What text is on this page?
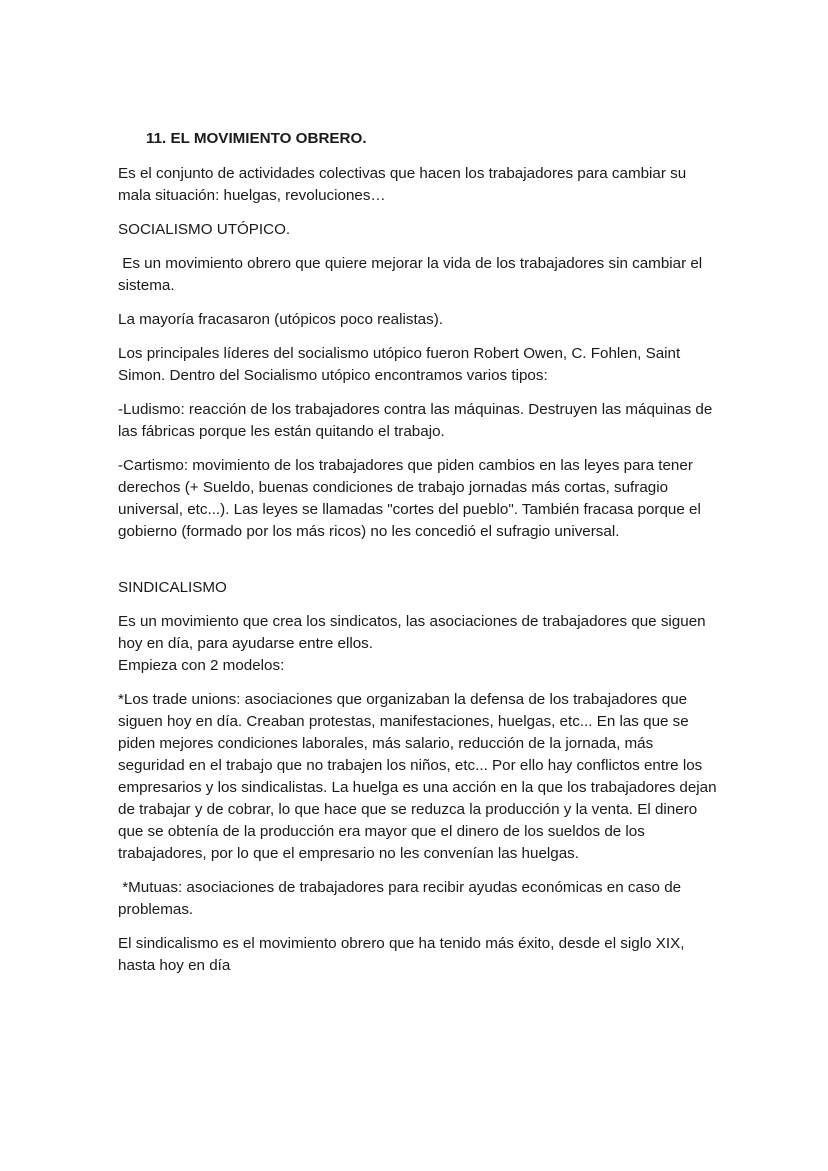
11. EL MOVIMIENTO OBRERO.

Es el conjunto de actividades colectivas que hacen los trabajadores para cambiar su mala situación: huelgas, revoluciones…

SOCIALISMO UTÓPICO.

Es un movimiento obrero que quiere mejorar la vida de los trabajadores sin cambiar el sistema.

La mayoría fracasaron (utópicos poco realistas).

Los principales líderes del socialismo utópico fueron Robert Owen, C. Fohlen, Saint Simon. Dentro del Socialismo utópico encontramos varios tipos:

-Ludismo: reacción de los trabajadores contra las máquinas. Destruyen las máquinas de las fábricas porque les están quitando el trabajo.

-Cartismo: movimiento de los trabajadores que piden cambios en las leyes para tener derechos (+ Sueldo, buenas condiciones de trabajo jornadas más cortas, sufragio universal, etc...). Las leyes se llamadas "cortes del pueblo". También fracasa porque el gobierno (formado por los más ricos) no les concedió el sufragio universal.

SINDICALISMO

Es un movimiento que crea los sindicatos, las asociaciones de trabajadores que siguen hoy en día, para ayudarse entre ellos.

Empieza con 2 modelos:

*Los trade unions: asociaciones que organizaban la defensa de los trabajadores que siguen hoy en día. Creaban protestas, manifestaciones, huelgas, etc... En las que se piden mejores condiciones laborales, más salario, reducción de la jornada, más seguridad en el trabajo que no trabajen los niños, etc... Por ello hay conflictos entre los empresarios y los sindicalistas. La huelga es una acción en la que los trabajadores dejan de trabajar y de cobrar, lo que hace que se reduzca la producción y la venta. El dinero que se obtenía de la producción era mayor que el dinero de los sueldos de los trabajadores, por lo que el empresario no les convenían las huelgas.

*Mutuas: asociaciones de trabajadores para recibir ayudas económicas en caso de problemas.

El sindicalismo es el movimiento obrero que ha tenido más éxito, desde el siglo XIX, hasta hoy en día
